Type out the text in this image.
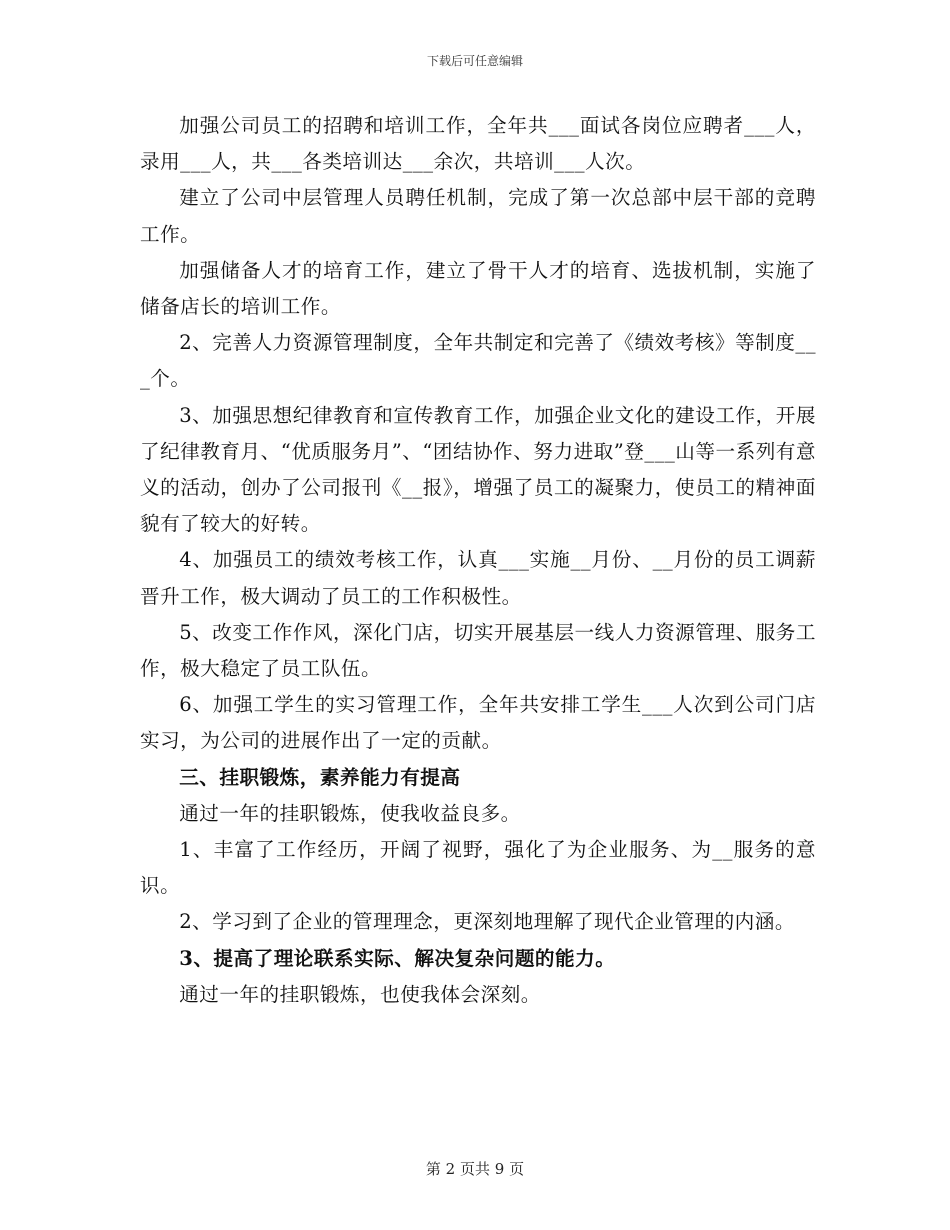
下载后可任意编辑

加强公司员工的招聘和培训工作，全年共___面试各岗位应聘者___人，录用___人，共___各类培训达___余次，共培训___人次。

建立了公司中层管理人员聘任机制，完成了第一次总部中层干部的竞聘工作。

加强储备人才的培育工作，建立了骨干人才的培育、选拔机制，实施了储备店长的培训工作。

2、完善人力资源管理制度，全年共制定和完善了《绩效考核》等制度___个。

3、加强思想纪律教育和宣传教育工作，加强企业文化的建设工作，开展了纪律教育月、“优质服务月”、“团结协作、努力进取”登___山等一系列有意义的活动，创办了公司报刊《__报》，增强了员工的凝聚力，使员工的精神面貌有了较大的好转。

4、加强员工的绩效考核工作，认真___实施__月份、__月份的员工调薪晋升工作，极大调动了员工的工作积极性。

5、改变工作作风，深化门店，切实开展基层一线人力资源管理、服务工作，极大稳定了员工队伍。

6、加强工学生的实习管理工作，全年共安排工学生___人次到公司门店实习，为公司的进展作出了一定的贡献。

三、挂职锻炼，素养能力有提高

通过一年的挂职锻炼，使我收益良多。

1、丰富了工作经历，开阔了视野，强化了为企业服务、为__服务的意识。

2、学习到了企业的管理理念，更深刻地理解了现代企业管理的内涵。

3、提高了理论联系实际、解决复杂问题的能力。

通过一年的挂职锻炼，也使我体会深刻。

第 2 页共 9 页
